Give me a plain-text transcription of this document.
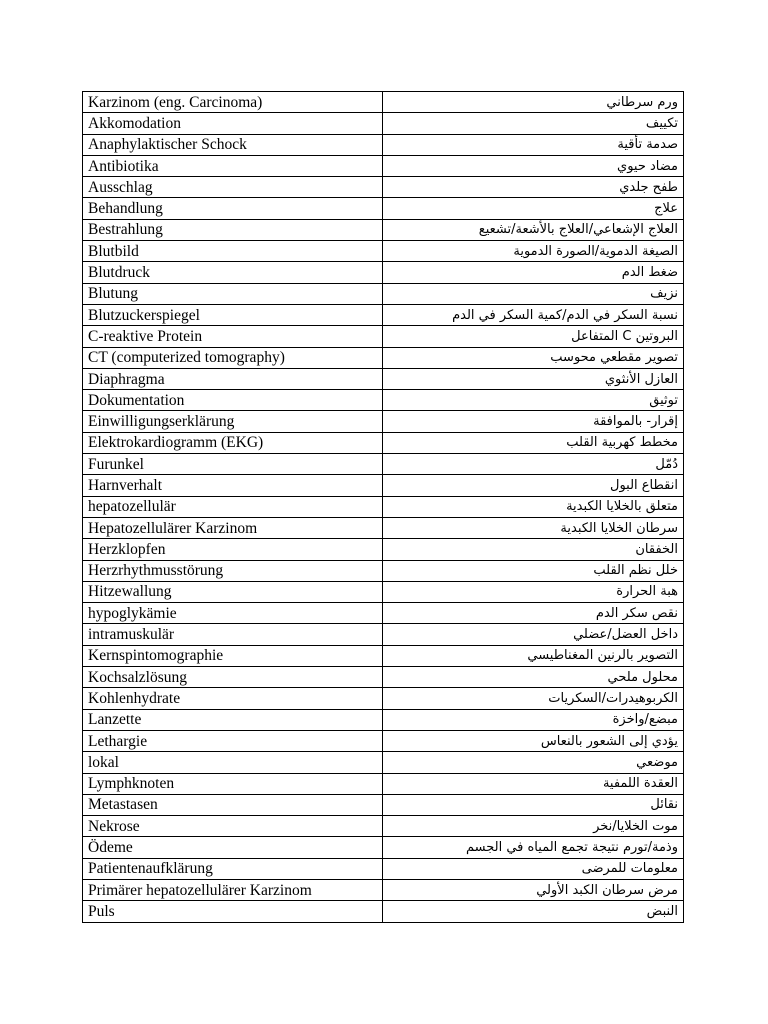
Karzinom (eng. Carcinoma)	ورم سرطاني
Akkomodation	تكييف
Anaphylaktischer Schock	صدمة تأقية
Antibiotika	مضاد حيوي
Ausschlag	طفح جلدي
Behandlung	علاج
Bestrahlung	العلاج الإشعاعي/العلاج بالأشعة/تشعيع
Blutbild	الصيغة الدموية/الصورة الدموية
Blutdruck	ضغط الدم
Blutung	نزيف
Blutzuckerspiegel	نسبة السكر في الدم/كمية السكر في الدم
C-reaktive Protein	البروتين C المتفاعل
CT (computerized tomography)	تصوير مقطعي محوسب
Diaphragma	العازل الأنثوي
Dokumentation	توثيق
Einwilligungserklärung	إقرار- بالموافقة
Elektrokardiogramm (EKG)	مخطط كهربية القلب
Furunkel	دُمّل
Harnverhalt	انقطاع البول
hepatozellulär	متعلق بالخلايا الكبدية
Hepatozellulärer Karzinom	سرطان الخلايا الكبدية
Herzklopfen	الخفقان
Herzrhythmusstörung	خلل نظم القلب
Hitzewallung	هبة الحرارة
hypoglykämie	نقص سكر الدم
intramuskulär	داخل العضل/عضلي
Kernspintomographie	التصوير بالرنين المغناطيسي
Kochsalzlösung	محلول ملحي
Kohlenhydrate	الكربوهيدرات/السكريات
Lanzette	مبضع/واخزة
Lethargie	يؤدي إلى الشعور بالنعاس
lokal	موضعي
Lymphknoten	العقدة اللمفية
Metastasen	نقائل
Nekrose	موت الخلايا/نخر
Ödeme	وذمة/تورم نتيجة تجمع المياه في الجسم
Patientenaufklärung	معلومات للمرضى
Primärer hepatozellulärer Karzinom	مرض سرطان الكبد الأولي
Puls	النبض
